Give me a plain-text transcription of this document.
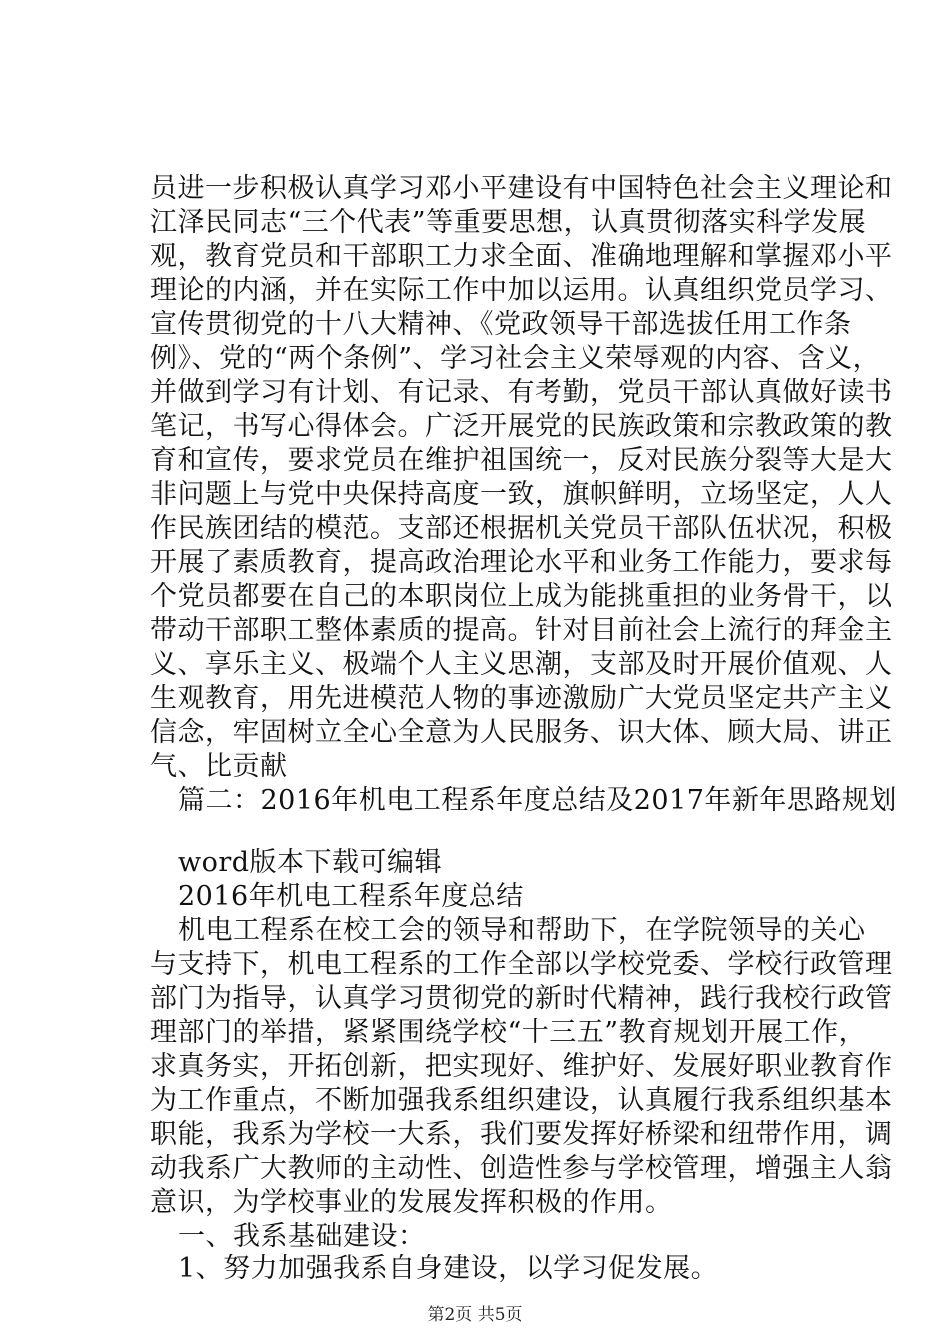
员进一步积极认真学习邓小平建设有中国特色社会主义理论和
江泽民同志“三个代表”等重要思想，认真贯彻落实科学发展
观，教育党员和干部职工力求全面、准确地理解和掌握邓小平
理论的内涵，并在实际工作中加以运用。认真组织党员学习、
宣传贯彻党的十八大精神、《党政领导干部选拔任用工作条
例》、党的“两个条例”、学习社会主义荣辱观的内容、含义，
并做到学习有计划、有记录、有考勤，党员干部认真做好读书
笔记，书写心得体会。广泛开展党的民族政策和宗教政策的教
育和宣传，要求党员在维护祖国统一，反对民族分裂等大是大
非问题上与党中央保持高度一致，旗帜鲜明，立场坚定，人人
作民族团结的模范。支部还根据机关党员干部队伍状况，积极
开展了素质教育，提高政治理论水平和业务工作能力，要求每
个党员都要在自己的本职岗位上成为能挑重担的业务骨干，以
带动干部职工整体素质的提高。针对目前社会上流行的拜金主
义、享乐主义、极端个人主义思潮，支部及时开展价值观、人
生观教育，用先进模范人物的事迹激励广大党员坚定共产主义
信念，牢固树立全心全意为人民服务、识大体、顾大局、讲正
气、比贡献
篇二：2016年机电工程系年度总结及2017年新年思路规划
word版本下载可编辑
2016年机电工程系年度总结
机电工程系在校工会的领导和帮助下，在学院领导的关心
与支持下，机电工程系的工作全部以学校党委、学校行政管理
部门为指导，认真学习贯彻党的新时代精神，践行我校行政管
理部门的举措，紧紧围绕学校“十三五”教育规划开展工作，
求真务实，开拓创新，把实现好、维护好、发展好职业教育作
为工作重点，不断加强我系组织建设，认真履行我系组织基本
职能，我系为学校一大系，我们要发挥好桥梁和纽带作用，调
动我系广大教师的主动性、创造性参与学校管理，增强主人翁
意识，为学校事业的发展发挥积极的作用。
一、我系基础建设：
1、努力加强我系自身建设，以学习促发展。
第2页 共5页
